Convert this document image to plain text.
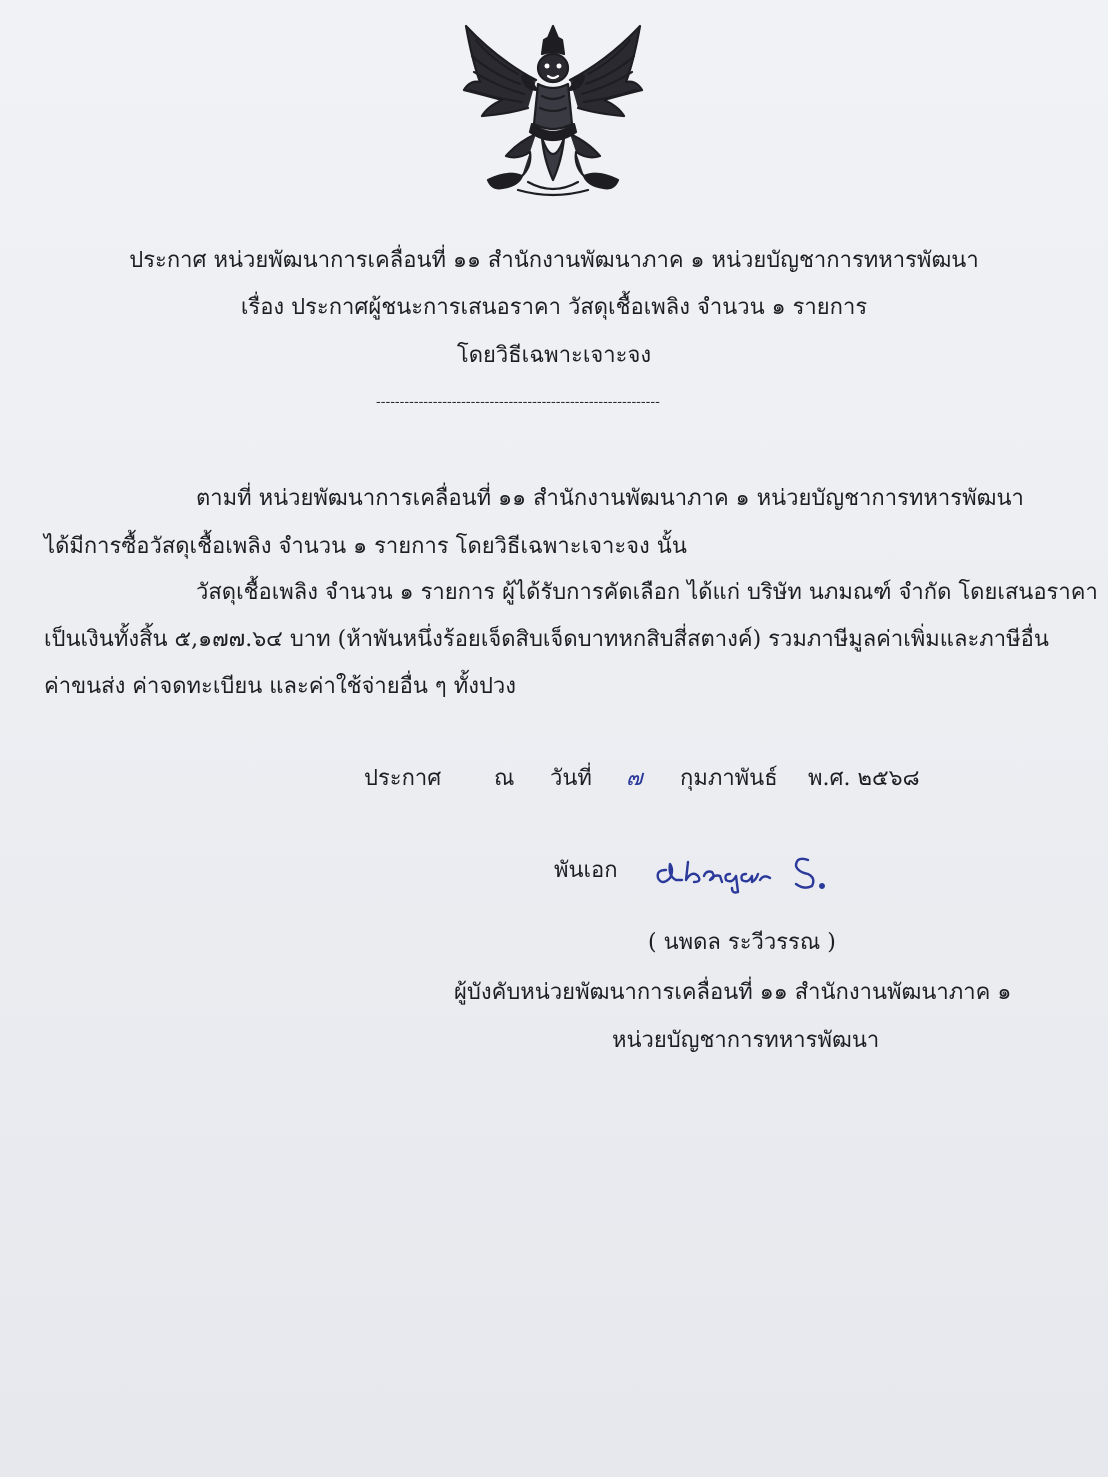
ประกาศ หน่วยพัฒนาการเคลื่อนที่ ๑๑ สำนักงานพัฒนาภาค ๑ หน่วยบัญชาการทหารพัฒนา
เรื่อง ประกาศผู้ชนะการเสนอราคา วัสดุเชื้อเพลิง จำนวน ๑ รายการ
โดยวิธีเฉพาะเจาะจง
------------------------------------------------------------
ตามที่ หน่วยพัฒนาการเคลื่อนที่ ๑๑ สำนักงานพัฒนาภาค ๑ หน่วยบัญชาการทหารพัฒนา
ได้มีการซื้อวัสดุเชื้อเพลิง จำนวน ๑ รายการ โดยวิธีเฉพาะเจาะจง นั้น
วัสดุเชื้อเพลิง จำนวน ๑ รายการ ผู้ได้รับการคัดเลือก ได้แก่ บริษัท นภมณฑ์ จำกัด โดยเสนอราคา
เป็นเงินทั้งสิ้น ๕,๑๗๗.๖๔ บาท (ห้าพันหนึ่งร้อยเจ็ดสิบเจ็ดบาทหกสิบสี่สตางค์) รวมภาษีมูลค่าเพิ่มและภาษีอื่น
ค่าขนส่ง ค่าจดทะเบียน และค่าใช้จ่ายอื่น ๆ ทั้งปวง
ประกาศ ณ วันที่ ๗ กุมภาพันธ์ พ.ศ. ๒๕๖๘
พันเอก
a bnga S.
( นพดล ระวีวรรณ )
ผู้บังคับหน่วยพัฒนาการเคลื่อนที่ ๑๑ สำนักงานพัฒนาภาค ๑
หน่วยบัญชาการทหารพัฒนา
